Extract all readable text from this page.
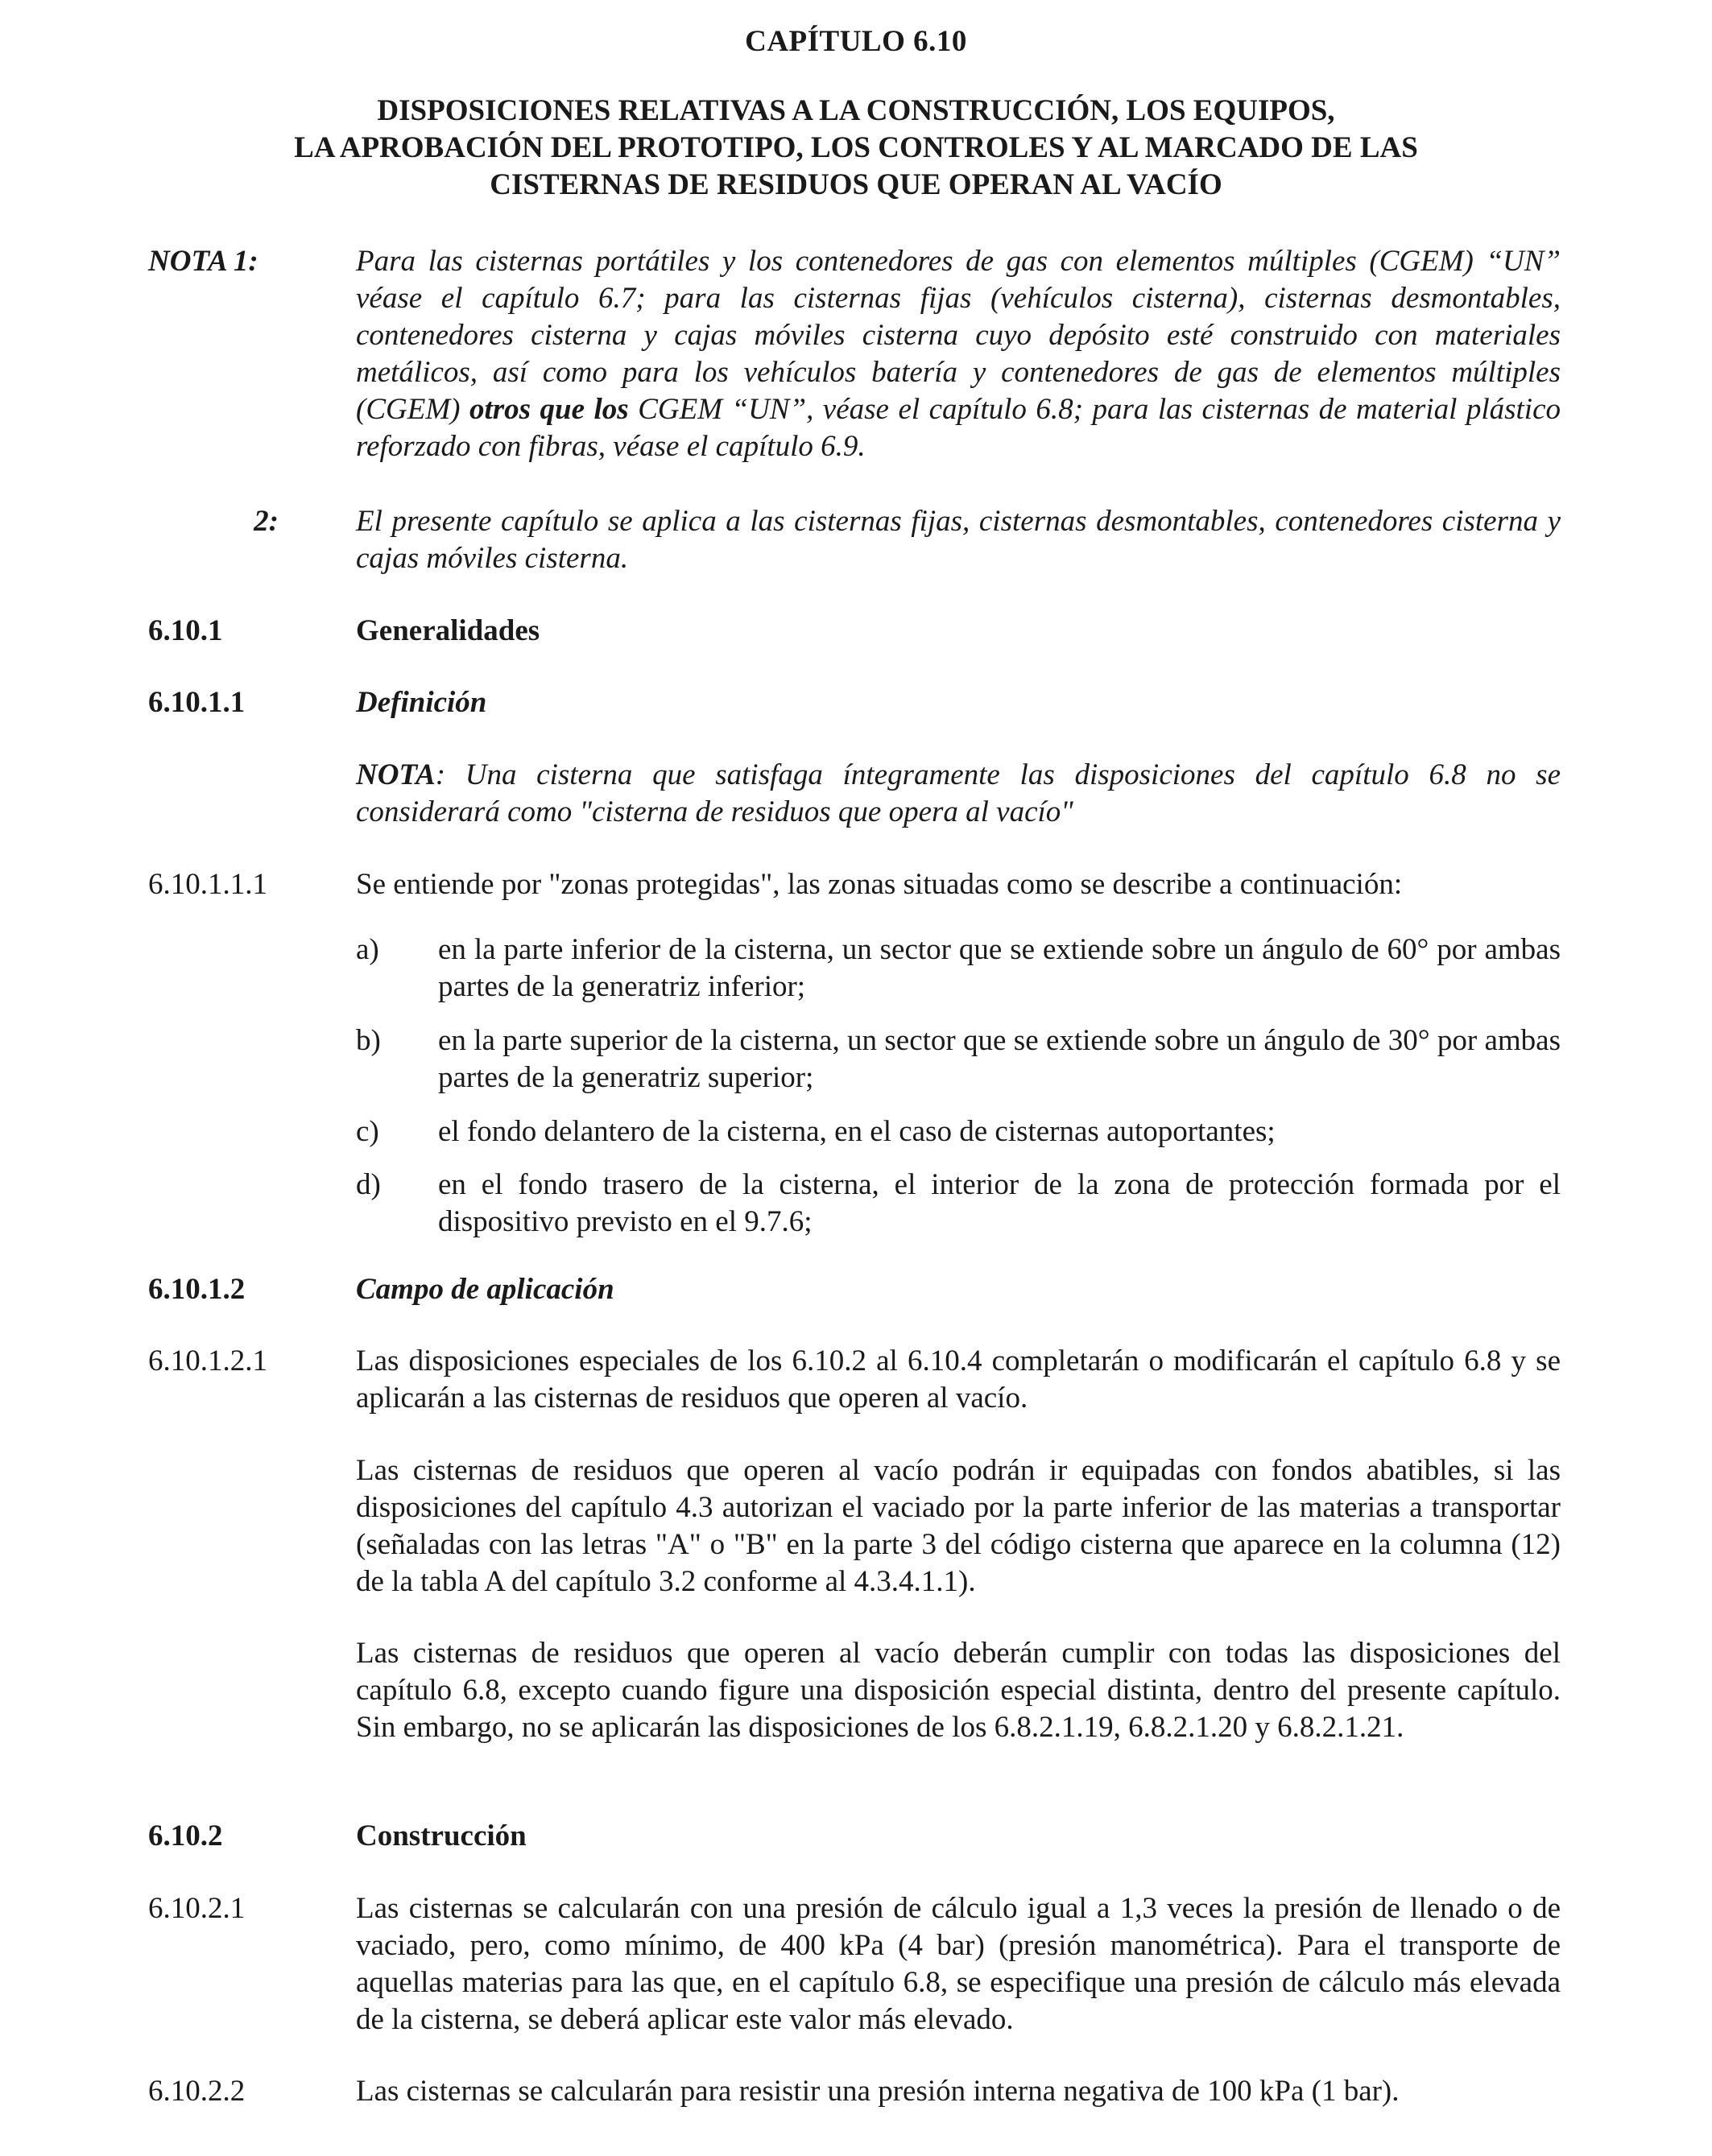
CAPÍTULO 6.10
DISPOSICIONES RELATIVAS A LA CONSTRUCCIÓN, LOS EQUIPOS,
LA APROBACIÓN DEL PROTOTIPO, LOS CONTROLES Y AL MARCADO DE LAS
CISTERNAS DE RESIDUOS QUE OPERAN AL VACÍO
NOTA 1:	Para las cisternas portátiles y los contenedores de gas con elementos múltiples (CGEM) “UN” véase el capítulo 6.7; para las cisternas fijas (vehículos cisterna), cisternas desmontables, contenedores cisterna y cajas móviles cisterna cuyo depósito esté construido con materiales metálicos, así como para los vehículos batería y contenedores de gas de elementos múltiples (CGEM) otros que los CGEM “UN”, véase el capítulo 6.8; para las cisternas de material plástico reforzado con fibras, véase el capítulo 6.9.
2:	El presente capítulo se aplica a las cisternas fijas, cisternas desmontables, contenedores cisterna y cajas móviles cisterna.
6.10.1	Generalidades
6.10.1.1	Definición
NOTA: Una cisterna que satisfaga íntegramente las disposiciones del capítulo 6.8 no se considerará como "cisterna de residuos que opera al vacío"
6.10.1.1.1	Se entiende por "zonas protegidas", las zonas situadas como se describe a continuación:
a) en la parte inferior de la cisterna, un sector que se extiende sobre un ángulo de 60° por ambas partes de la generatriz inferior;
b) en la parte superior de la cisterna, un sector que se extiende sobre un ángulo de 30° por ambas partes de la generatriz superior;
c) el fondo delantero de la cisterna, en el caso de cisternas autoportantes;
d) en el fondo trasero de la cisterna, el interior de la zona de protección formada por el dispositivo previsto en el 9.7.6;
6.10.1.2	Campo de aplicación
6.10.1.2.1	Las disposiciones especiales de los 6.10.2 al 6.10.4 completarán o modificarán el capítulo 6.8 y se aplicarán a las cisternas de residuos que operen al vacío.
Las cisternas de residuos que operen al vacío podrán ir equipadas con fondos abatibles, si las disposiciones del capítulo 4.3 autorizan el vaciado por la parte inferior de las materias a transportar (señaladas con las letras "A" o "B" en la parte 3 del código cisterna que aparece en la columna (12) de la tabla A del capítulo 3.2 conforme al 4.3.4.1.1).
Las cisternas de residuos que operen al vacío deberán cumplir con todas las disposiciones del capítulo 6.8, excepto cuando figure una disposición especial distinta, dentro del presente capítulo. Sin embargo, no se aplicarán las disposiciones de los 6.8.2.1.19, 6.8.2.1.20 y 6.8.2.1.21.
6.10.2	Construcción
6.10.2.1	Las cisternas se calcularán con una presión de cálculo igual a 1,3 veces la presión de llenado o de vaciado, pero, como mínimo, de 400 kPa (4 bar) (presión manométrica). Para el transporte de aquellas materias para las que, en el capítulo 6.8, se especifique una presión de cálculo más elevada de la cisterna, se deberá aplicar este valor más elevado.
6.10.2.2	Las cisternas se calcularán para resistir una presión interna negativa de 100 kPa (1 bar).
